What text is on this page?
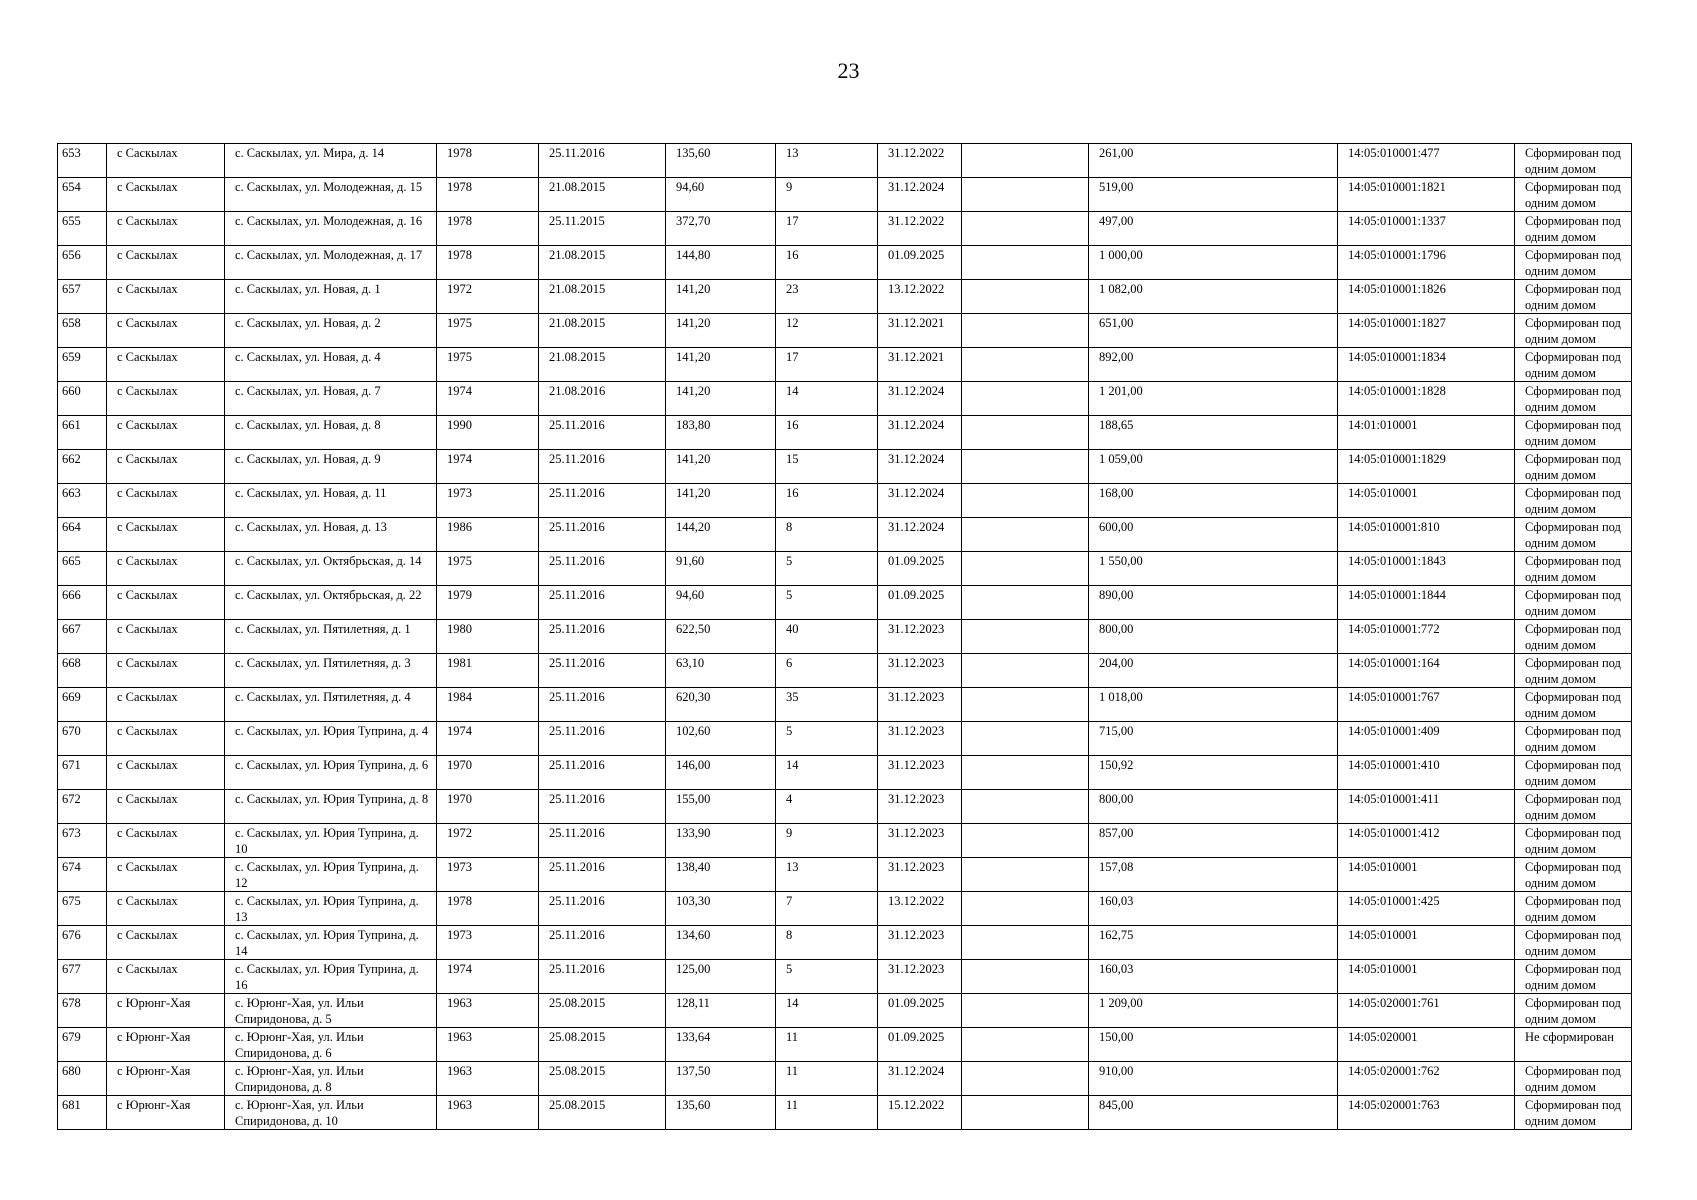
23
653	с Саскылах	с. Саскылах, ул. Мира, д. 14	1978	25.11.2016	135,60	13	31.12.2022		261,00	14:05:010001:477	Сформирован под одним домом
654	с Саскылах	с. Саскылах, ул. Молодежная, д. 15	1978	21.08.2015	94,60	9	31.12.2024		519,00	14:05:010001:1821	Сформирован под одним домом
655	с Саскылах	с. Саскылах, ул. Молодежная, д. 16	1978	25.11.2015	372,70	17	31.12.2022		497,00	14:05:010001:1337	Сформирован под одним домом
656	с Саскылах	с. Саскылах, ул. Молодежная, д. 17	1978	21.08.2015	144,80	16	01.09.2025		1 000,00	14:05:010001:1796	Сформирован под одним домом
657	с Саскылах	с. Саскылах, ул. Новая, д. 1	1972	21.08.2015	141,20	23	13.12.2022		1 082,00	14:05:010001:1826	Сформирован под одним домом
658	с Саскылах	с. Саскылах, ул. Новая, д. 2	1975	21.08.2015	141,20	12	31.12.2021		651,00	14:05:010001:1827	Сформирован под одним домом
659	с Саскылах	с. Саскылах, ул. Новая, д. 4	1975	21.08.2015	141,20	17	31.12.2021		892,00	14:05:010001:1834	Сформирован под одним домом
660	с Саскылах	с. Саскылах, ул. Новая, д. 7	1974	21.08.2016	141,20	14	31.12.2024		1 201,00	14:05:010001:1828	Сформирован под одним домом
661	с Саскылах	с. Саскылах, ул. Новая, д. 8	1990	25.11.2016	183,80	16	31.12.2024		188,65	14:01:010001	Сформирован под одним домом
662	с Саскылах	с. Саскылах, ул. Новая, д. 9	1974	25.11.2016	141,20	15	31.12.2024		1 059,00	14:05:010001:1829	Сформирован под одним домом
663	с Саскылах	с. Саскылах, ул. Новая, д. 11	1973	25.11.2016	141,20	16	31.12.2024		168,00	14:05:010001	Сформирован под одним домом
664	с Саскылах	с. Саскылах, ул. Новая, д. 13	1986	25.11.2016	144,20	8	31.12.2024		600,00	14:05:010001:810	Сформирован под одним домом
665	с Саскылах	с. Саскылах, ул. Октябрьская, д. 14	1975	25.11.2016	91,60	5	01.09.2025		1 550,00	14:05:010001:1843	Сформирован под одним домом
666	с Саскылах	с. Саскылах, ул. Октябрьская, д. 22	1979	25.11.2016	94,60	5	01.09.2025		890,00	14:05:010001:1844	Сформирован под одним домом
667	с Саскылах	с. Саскылах, ул. Пятилетняя, д. 1	1980	25.11.2016	622,50	40	31.12.2023		800,00	14:05:010001:772	Сформирован под одним домом
668	с Саскылах	с. Саскылах, ул. Пятилетняя, д. 3	1981	25.11.2016	63,10	6	31.12.2023		204,00	14:05:010001:164	Сформирован под одним домом
669	с Саскылах	с. Саскылах, ул. Пятилетняя, д. 4	1984	25.11.2016	620,30	35	31.12.2023		1 018,00	14:05:010001:767	Сформирован под одним домом
670	с Саскылах	с. Саскылах, ул. Юрия Туприна, д. 4	1974	25.11.2016	102,60	5	31.12.2023		715,00	14:05:010001:409	Сформирован под одним домом
671	с Саскылах	с. Саскылах, ул. Юрия Туприна, д. 6	1970	25.11.2016	146,00	14	31.12.2023		150,92	14:05:010001:410	Сформирован под одним домом
672	с Саскылах	с. Саскылах, ул. Юрия Туприна, д. 8	1970	25.11.2016	155,00	4	31.12.2023		800,00	14:05:010001:411	Сформирован под одним домом
673	с Саскылах	с. Саскылах, ул. Юрия Туприна, д. 10	1972	25.11.2016	133,90	9	31.12.2023		857,00	14:05:010001:412	Сформирован под одним домом
674	с Саскылах	с. Саскылах, ул. Юрия Туприна, д. 12	1973	25.11.2016	138,40	13	31.12.2023		157,08	14:05:010001	Сформирован под одним домом
675	с Саскылах	с. Саскылах, ул. Юрия Туприна, д. 13	1978	25.11.2016	103,30	7	13.12.2022		160,03	14:05:010001:425	Сформирован под одним домом
676	с Саскылах	с. Саскылах, ул. Юрия Туприна, д. 14	1973	25.11.2016	134,60	8	31.12.2023		162,75	14:05:010001	Сформирован под одним домом
677	с Саскылах	с. Саскылах, ул. Юрия Туприна, д. 16	1974	25.11.2016	125,00	5	31.12.2023		160,03	14:05:010001	Сформирован под одним домом
678	с Юрюнг-Хая	с. Юрюнг-Хая, ул. Ильи Спиридонова, д. 5	1963	25.08.2015	128,11	14	01.09.2025		1 209,00	14:05:020001:761	Сформирован под одним домом
679	с Юрюнг-Хая	с. Юрюнг-Хая, ул. Ильи Спиридонова, д. 6	1963	25.08.2015	133,64	11	01.09.2025		150,00	14:05:020001	Не сформирован
680	с Юрюнг-Хая	с. Юрюнг-Хая, ул. Ильи Спиридонова, д. 8	1963	25.08.2015	137,50	11	31.12.2024		910,00	14:05:020001:762	Сформирован под одним домом
681	с Юрюнг-Хая	с. Юрюнг-Хая, ул. Ильи Спиридонова, д. 10	1963	25.08.2015	135,60	11	15.12.2022		845,00	14:05:020001:763	Сформирован под одним домом
